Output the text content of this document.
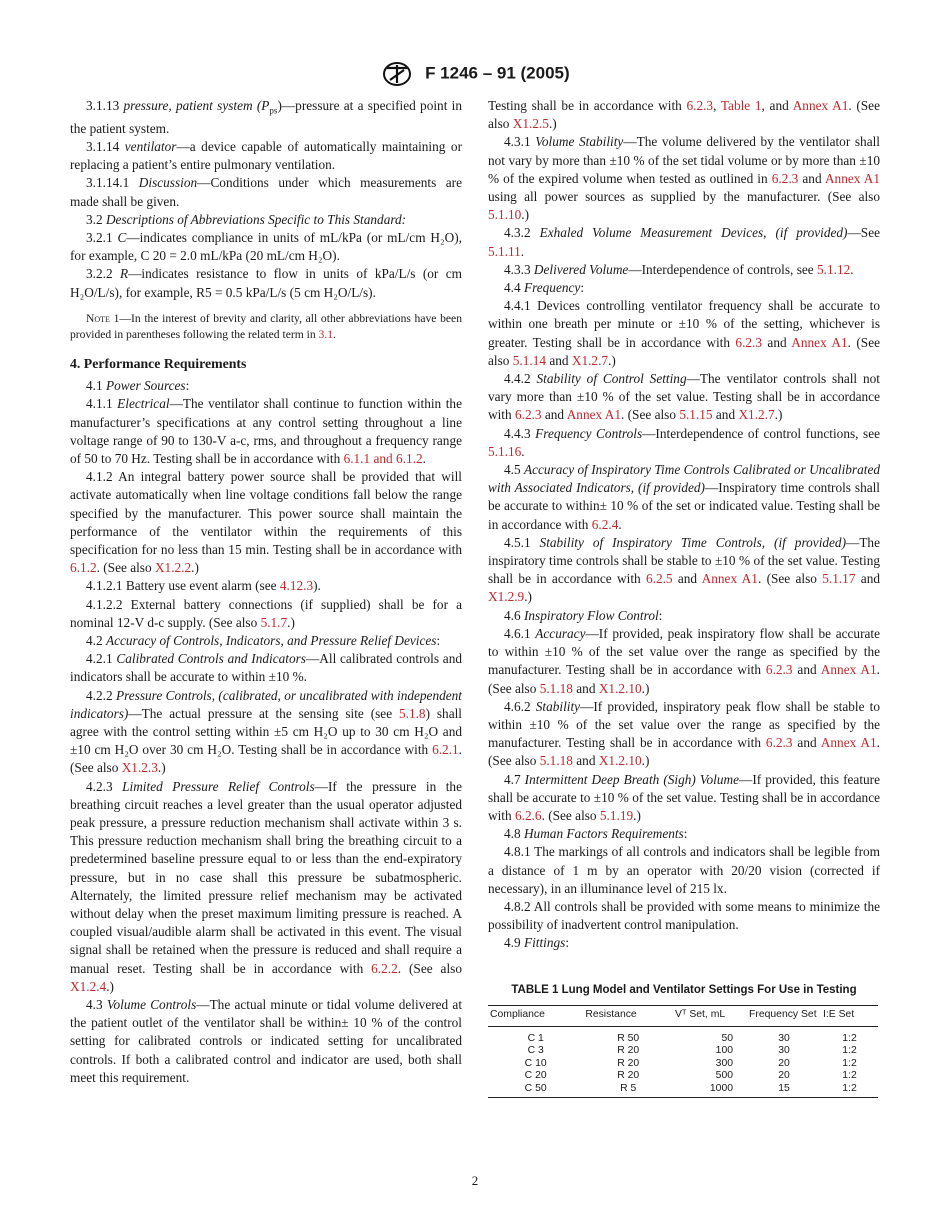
F 1246 – 91 (2005)

3.1.13 pressure, patient system $(P_{ps})—pressure$ at a specified point in the patient system.

3.1.14 ventilator—a device capable of automatically maintaining or replacing a patient’s entire pulmonary ventilation.

3.1.14.1 Discussion—Conditions under which measurements are made shall be given.

3.2 Descriptions of Abbreviations Specific to This Standard:

3.2.1 C—indicates compliance in units of mL/kPa (or mL/cm H₂O), for example, C 20 = 2.0 mL/kPa (20 mL/cm H₂O).

3.2.2 R—indicates resistance to flow in units of kPa/L/s (or cm H₂O/L/s), for example, R5 = 0.5 kPa/L/s (5 cm H₂O/L/s).

Note 1—In the interest of brevity and clarity, all other abbreviations have been provided in parentheses following the related term in 3.1.

4. Performance Requirements

4.1 Power Sources:

4.1.1 Electrical—The ventilator shall continue to function within the manufacturer’s specifications at any control setting throughout a line voltage range of 90 to 130-V a-c, rms, and throughout a frequency range of 50 to 70 Hz. Testing shall be in accordance with 6.1.1 and 6.1.2.

4.1.2 An integral battery power source shall be provided that will activate automatically when line voltage conditions fall below the range specified by the manufacturer. This power source shall maintain the performance of the ventilator within the requirements of this specification for no less than 15 min. Testing shall be in accordance with 6.1.2. (See also X1.2.2.)

4.1.2.1 Battery use event alarm (see 4.12.3).

4.1.2.2 External battery connections (if supplied) shall be for a nominal 12-V d-c supply. (See also 5.1.7.)

4.2 Accuracy of Controls, Indicators, and Pressure Relief Devices:

4.2.1 Calibrated Controls and Indicators—All calibrated controls and indicators shall be accurate to within ±10 %.

4.2.2 Pressure Controls, (calibrated, or uncalibrated with independent indicators)—The actual pressure at the sensing site (see 5.1.8) shall agree with the control setting within ±5 cm H₂O up to 30 cm H₂O and ±10 cm H₂O over 30 cm H₂O. Testing shall be in accordance with 6.2.1. (See also X1.2.3.)

4.2.3 Limited Pressure Relief Controls—If the pressure in the breathing circuit reaches a level greater than the usual operator adjusted peak pressure, a pressure reduction mechanism shall activate within 3 s. This pressure reduction mechanism shall bring the breathing circuit to a predetermined baseline pressure equal to or less than the end-expiratory pressure, but in no case shall this pressure be subatmospheric. Alternately, the limited pressure relief mechanism may be activated without delay when the preset maximum limiting pressure is reached. A coupled visual/audible alarm shall be activated in this event. The visual signal shall be retained when the pressure is reduced and shall require a manual reset. Testing shall be in accordance with 6.2.2. (See also X1.2.4.)

4.3 Volume Controls—The actual minute or tidal volume delivered at the patient outlet of the ventilator shall be within± 10 % of the control setting for calibrated controls or indicated setting for uncalibrated controls. If both a calibrated control and indicator are used, both shall meet this requirement.

Testing shall be in accordance with 6.2.3, Table 1, and Annex A1. (See also X1.2.5.)

4.3.1 Volume Stability—The volume delivered by the ventilator shall not vary by more than ±10 % of the set tidal volume or by more than ±10 % of the expired volume when tested as outlined in 6.2.3 and Annex A1 using all power sources as supplied by the manufacturer. (See also 5.1.10.)

4.3.2 Exhaled Volume Measurement Devices, (if provided)—See 5.1.11.

4.3.3 Delivered Volume—Interdependence of controls, see 5.1.12.

4.4 Frequency:

4.4.1 Devices controlling ventilator frequency shall be accurate to within one breath per minute or ±10 % of the setting, whichever is greater. Testing shall be in accordance with 6.2.3 and Annex A1. (See also 5.1.14 and X1.2.7.)

4.4.2 Stability of Control Setting—The ventilator controls shall not vary more than ±10 % of the set value. Testing shall be in accordance with 6.2.3 and Annex A1. (See also 5.1.15 and X1.2.7.)

4.4.3 Frequency Controls—Interdependence of control functions, see 5.1.16.

4.5 Accuracy of Inspiratory Time Controls Calibrated or Uncalibrated with Associated Indicators, (if provided)—Inspiratory time controls shall be accurate to within± 10 % of the set or indicated value. Testing shall be in accordance with 6.2.4.

4.5.1 Stability of Inspiratory Time Controls, (if provided)—The inspiratory time controls shall be stable to ±10 % of the set value. Testing shall be in accordance with 6.2.5 and Annex A1. (See also 5.1.17 and X1.2.9.)

4.6 Inspiratory Flow Control:

4.6.1 Accuracy—If provided, peak inspiratory flow shall be accurate to within ±10 % of the set value over the range as specified by the manufacturer. Testing shall be in accordance with 6.2.3 and Annex A1. (See also 5.1.18 and X1.2.10.)

4.6.2 Stability—If provided, inspiratory peak flow shall be stable to within ±10 % of the set value over the range as specified by the manufacturer. Testing shall be in accordance with 6.2.3 and Annex A1. (See also 5.1.18 and X1.2.10.)

4.7 Intermittent Deep Breath (Sigh) Volume—If provided, this feature shall be accurate to ±10 % of the set value. Testing shall be in accordance with 6.2.6. (See also 5.1.19.)

4.8 Human Factors Requirements:

4.8.1 The markings of all controls and indicators shall be legible from a distance of 1 m by an operator with 20/20 vision (corrected if necessary), in an illuminance level of 215 lx.

4.8.2 All controls shall be provided with some means to minimize the possibility of inadvertent control manipulation.

4.9 Fittings:

TABLE 1 Lung Model and Ventilator Settings For Use in Testing
Compliance	Resistance	Vᵀ Set, mL	Frequency Set	I:E Set
C 1	R 50	50	30	1:2
C 3	R 20	100	30	1:2
C 10	R 20	300	20	1:2
C 20	R 20	500	20	1:2
C 50	R 5	1000	15	1:2
2
